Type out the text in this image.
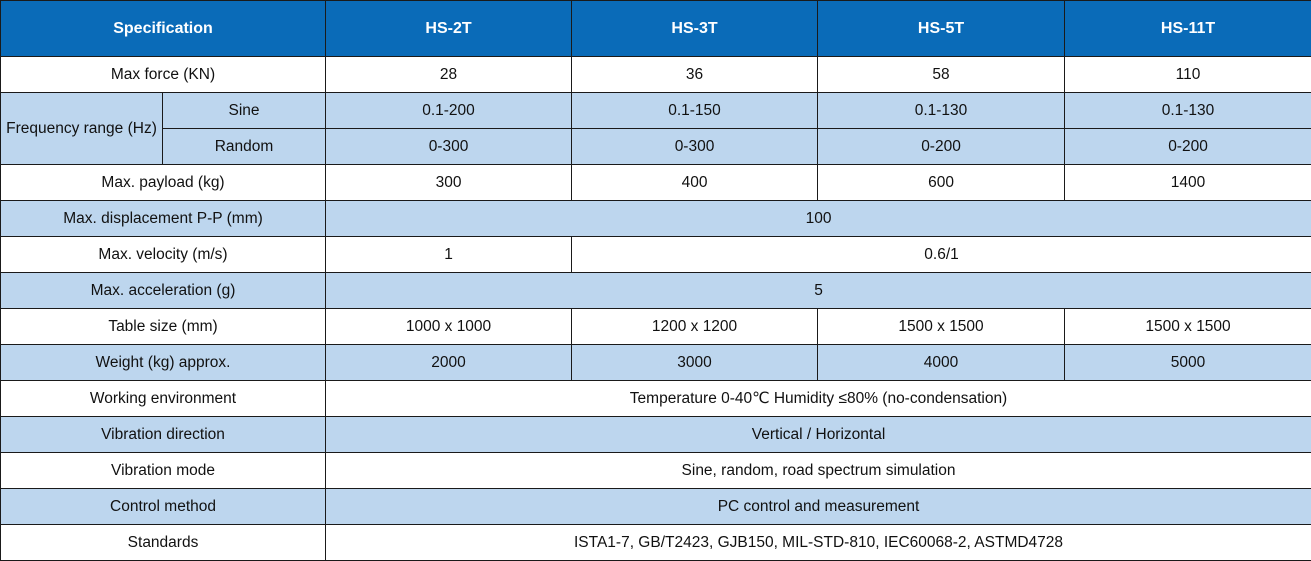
Specification		HS-2T	HS-3T	HS-5T	HS-11T
Max force (KN)		28	36	58	110
Frequency range (Hz)	Sine	0.1-200	0.1-150	0.1-130	0.1-130
	Random	0-300	0-300	0-200	0-200
Max. payload (kg)		300	400	600	1400
Max. displacement P-P (mm)		100			
Max. velocity (m/s)		1	0.6/1		
Max. acceleration (g)		5			
Table size (mm)		1000 x 1000	1200 x 1200	1500 x 1500	1500 x 1500
Weight (kg) approx.		2000	3000	4000	5000
Working environment		Temperature 0-40℃ Humidity ≤80% (no-condensation)			
Vibration direction		Vertical / Horizontal			
Vibration mode		Sine, random, road spectrum simulation			
Control method		PC control and measurement			
Standards		ISTA1-7, GB/T2423, GJB150, MIL-STD-810, IEC60068-2, ASTMD4728			
